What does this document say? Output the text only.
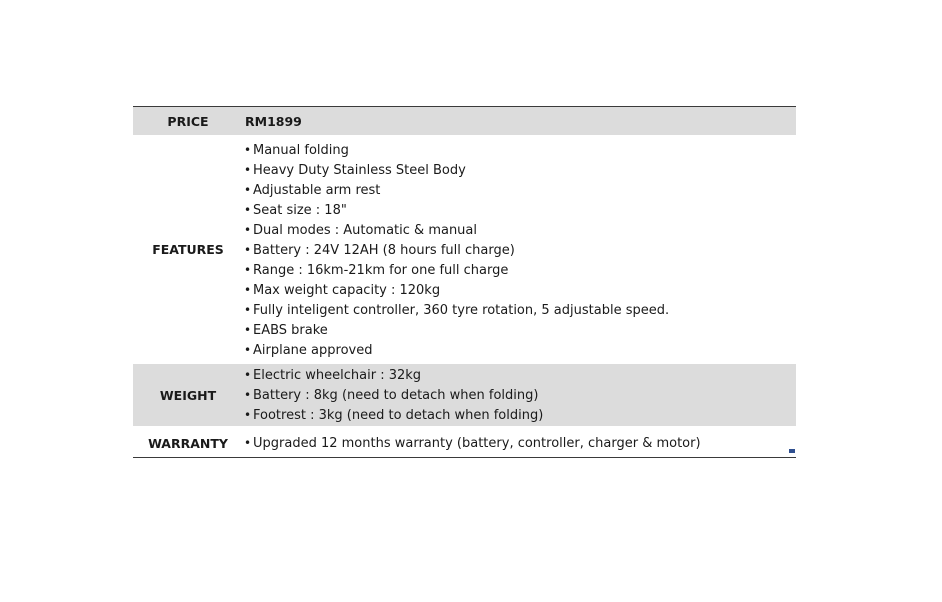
PRICE	RM1899
FEATURES
• Manual folding
• Heavy Duty Stainless Steel Body
• Adjustable arm rest
• Seat size : 18"
• Dual modes : Automatic & manual
• Battery : 24V 12AH (8 hours full charge)
• Range : 16km-21km for one full charge
• Max weight capacity : 120kg
• Fully inteligent controller, 360 tyre rotation, 5 adjustable speed.
• EABS brake
• Airplane approved
WEIGHT
• Electric wheelchair : 32kg
• Battery : 8kg (need to detach when folding)
• Footrest : 3kg (need to detach when folding)
WARRANTY
•	Upgraded 12 months warranty (battery, controller, charger & motor)
